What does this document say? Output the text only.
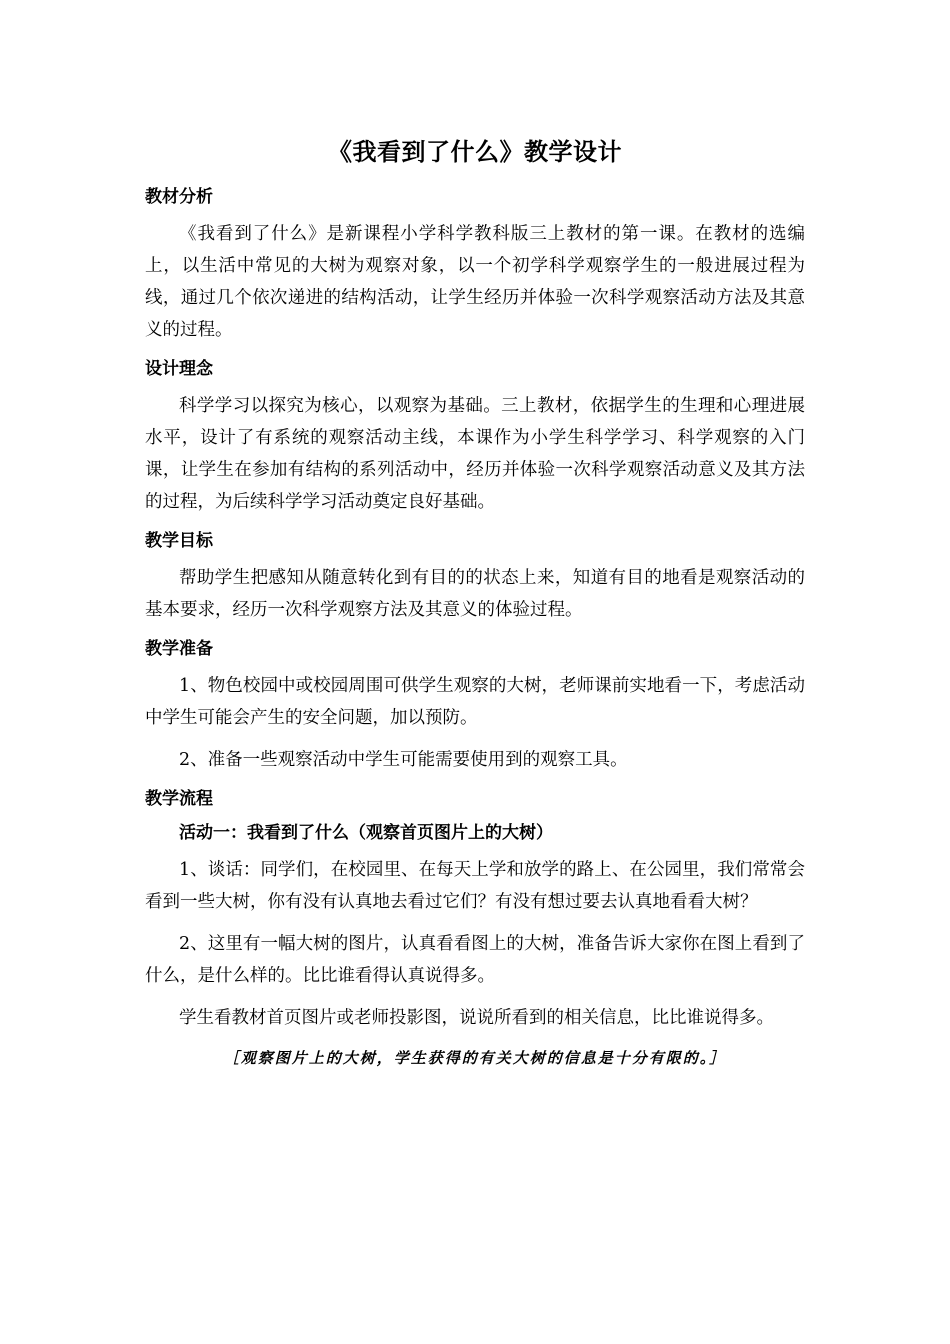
《我看到了什么》教学设计
教材分析

《我看到了什么》是新课程小学科学教科版三上教材的第一课。在教材的选编上，以生活中常见的大树为观察对象，以一个初学科学观察学生的一般进展过程为线，通过几个依次递进的结构活动，让学生经历并体验一次科学观察活动方法及其意义的过程。

设计理念

科学学习以探究为核心，以观察为基础。三上教材，依据学生的生理和心理进展水平，设计了有系统的观察活动主线，本课作为小学生科学学习、科学观察的入门课，让学生在参加有结构的系列活动中，经历并体验一次科学观察活动意义及其方法的过程，为后续科学学习活动奠定良好基础。

教学目标

帮助学生把感知从随意转化到有目的的状态上来，知道有目的地看是观察活动的基本要求，经历一次科学观察方法及其意义的体验过程。

教学准备

1、物色校园中或校园周围可供学生观察的大树，老师课前实地看一下，考虑活动中学生可能会产生的安全问题，加以预防。

2、准备一些观察活动中学生可能需要使用到的观察工具。

教学流程
活动一：我看到了什么（观察首页图片上的大树）

1、谈话：同学们，在校园里、在每天上学和放学的路上、在公园里，我们常常会看到一些大树，你有没有认真地去看过它们？有没有想过要去认真地看看大树？

2、这里有一幅大树的图片，认真看看图上的大树，准备告诉大家你在图上看到了什么，是什么样的。比比谁看得认真说得多。

学生看教材首页图片或老师投影图，说说所看到的相关信息，比比谁说得多。

［观察图片上的大树，学生获得的有关大树的信息是十分有限的。］
